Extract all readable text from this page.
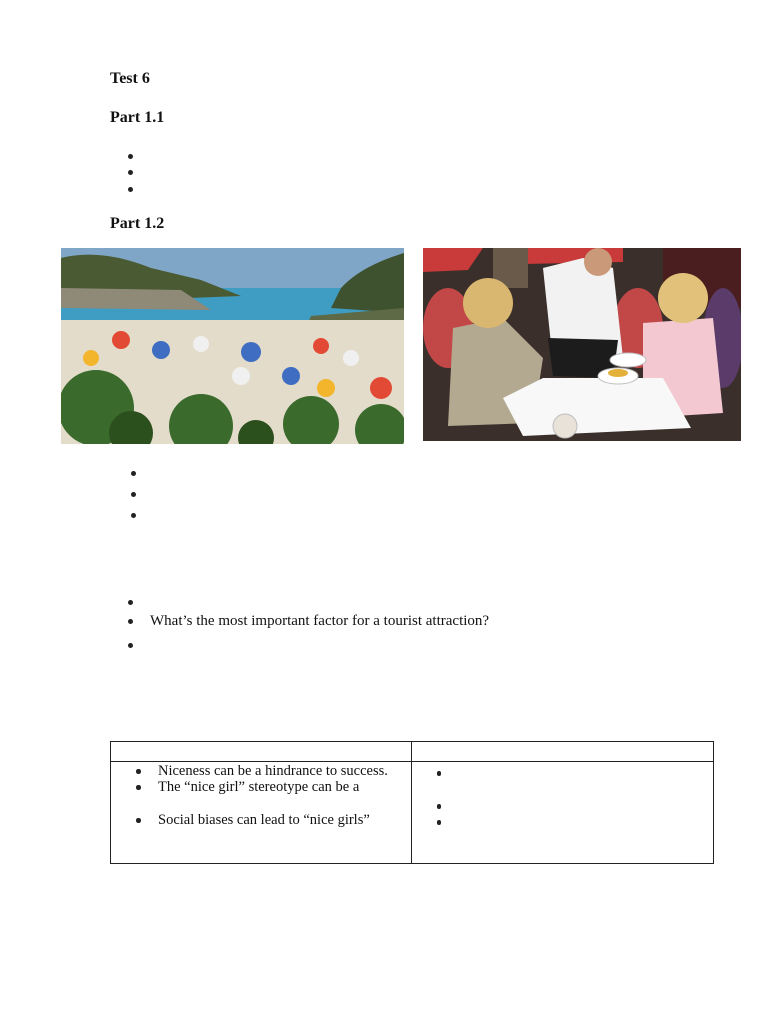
Test 6
Part 1.1
Part 1.2
What’s the most important factor for a tourist attraction?

Niceness can be a hindrance to success.
The “nice girl” stereotype can be a
Social biases can lead to “nice girls”	
